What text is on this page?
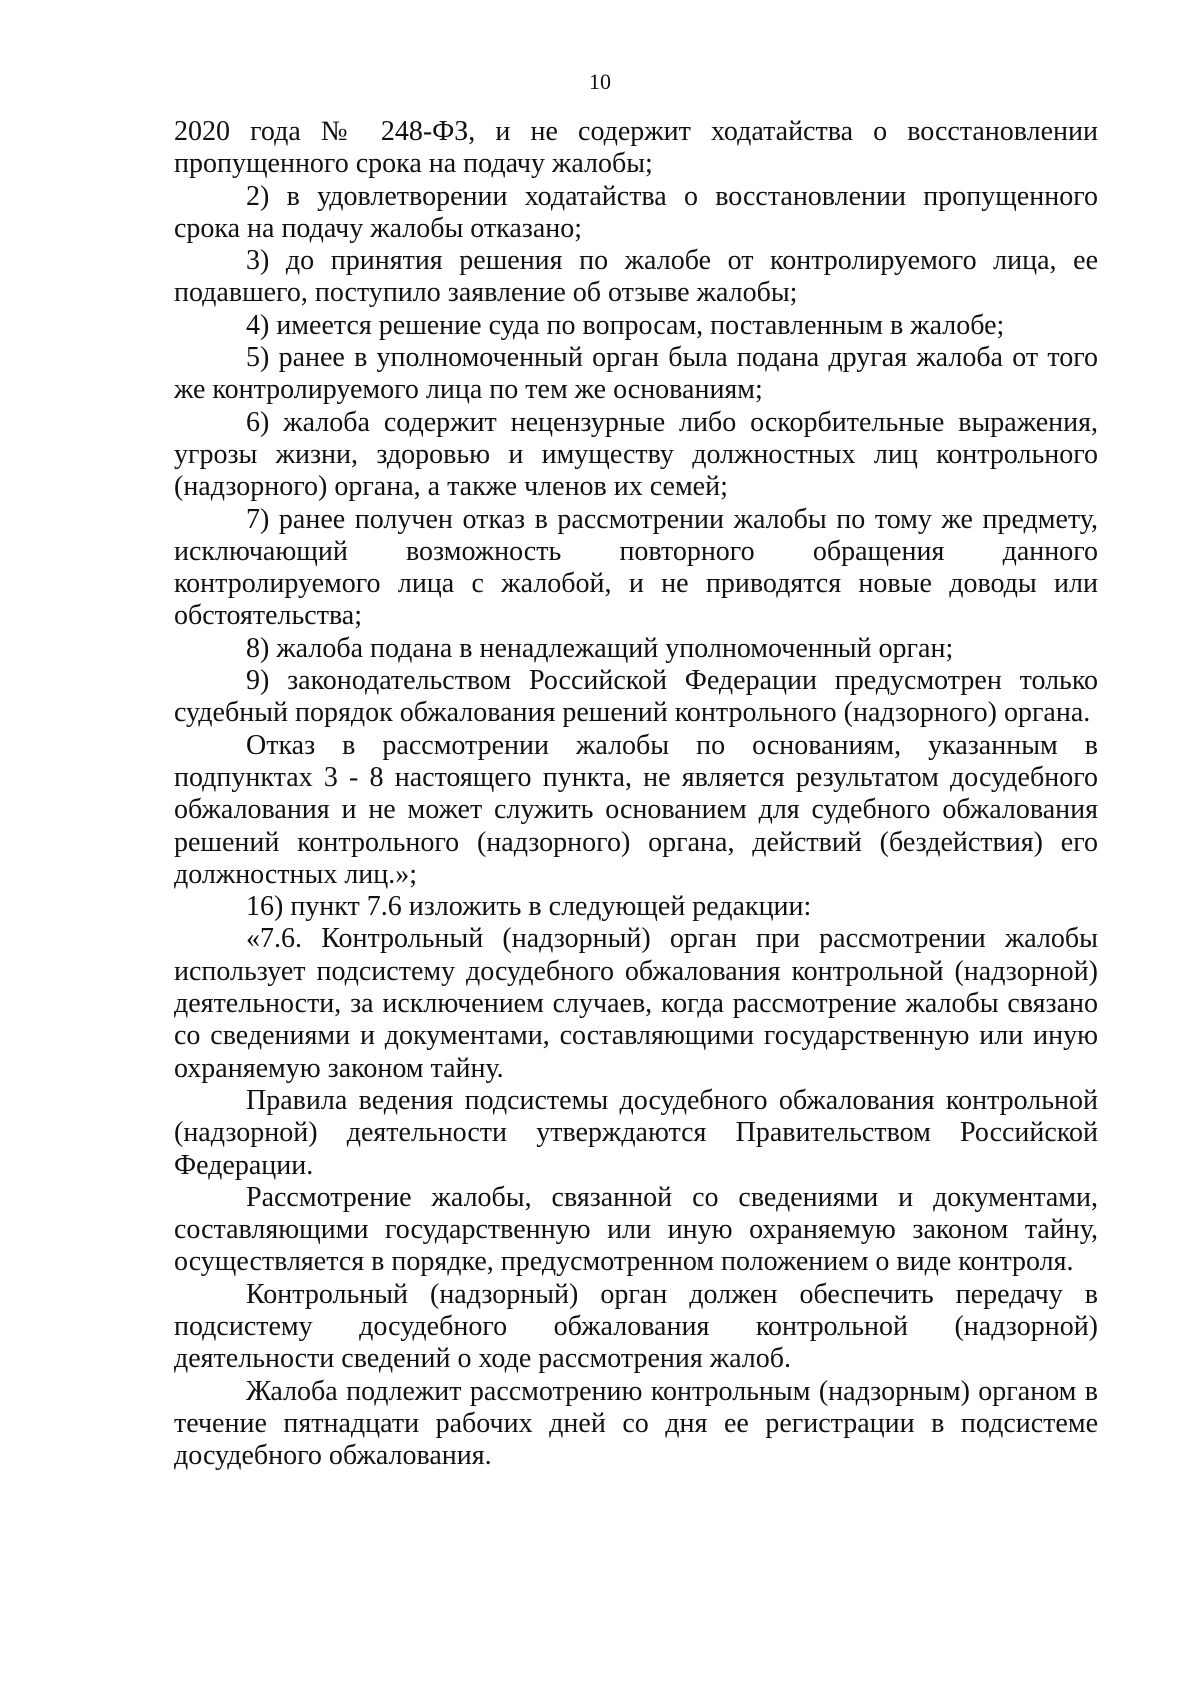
10

2020 года № 248-ФЗ, и не содержит ходатайства о восстановлении пропущенного срока на подачу жалобы;

2) в удовлетворении ходатайства о восстановлении пропущенного срока на подачу жалобы отказано;

3) до принятия решения по жалобе от контролируемого лица, ее подавшего, поступило заявление об отзыве жалобы;

4) имеется решение суда по вопросам, поставленным в жалобе;

5) ранее в уполномоченный орган была подана другая жалоба от того же контролируемого лица по тем же основаниям;

6) жалоба содержит нецензурные либо оскорбительные выражения, угрозы жизни, здоровью и имуществу должностных лиц контрольного (надзорного) органа, а также членов их семей;

7) ранее получен отказ в рассмотрении жалобы по тому же предмету, исключающий возможность повторного обращения данного контролируемого лица с жалобой, и не приводятся новые доводы или обстоятельства;

8) жалоба подана в ненадлежащий уполномоченный орган;

9) законодательством Российской Федерации предусмотрен только судебный порядок обжалования решений контрольного (надзорного) органа.

Отказ в рассмотрении жалобы по основаниям, указанным в подпунктах 3 - 8 настоящего пункта, не является результатом досудебного обжалования и не может служить основанием для судебного обжалования решений контрольного (надзорного) органа, действий (бездействия) его должностных лиц.»;

16) пункт 7.6 изложить в следующей редакции:

«7.6. Контрольный (надзорный) орган при рассмотрении жалобы использует подсистему досудебного обжалования контрольной (надзорной) деятельности, за исключением случаев, когда рассмотрение жалобы связано со сведениями и документами, составляющими государственную или иную охраняемую законом тайну.

Правила ведения подсистемы досудебного обжалования контрольной (надзорной) деятельности утверждаются Правительством Российской Федерации.

Рассмотрение жалобы, связанной со сведениями и документами, составляющими государственную или иную охраняемую законом тайну, осуществляется в порядке, предусмотренном положением о виде контроля.

Контрольный (надзорный) орган должен обеспечить передачу в подсистему досудебного обжалования контрольной (надзорной) деятельности сведений о ходе рассмотрения жалоб.

Жалоба подлежит рассмотрению контрольным (надзорным) органом в течение пятнадцати рабочих дней со дня ее регистрации в подсистеме досудебного обжалования.
